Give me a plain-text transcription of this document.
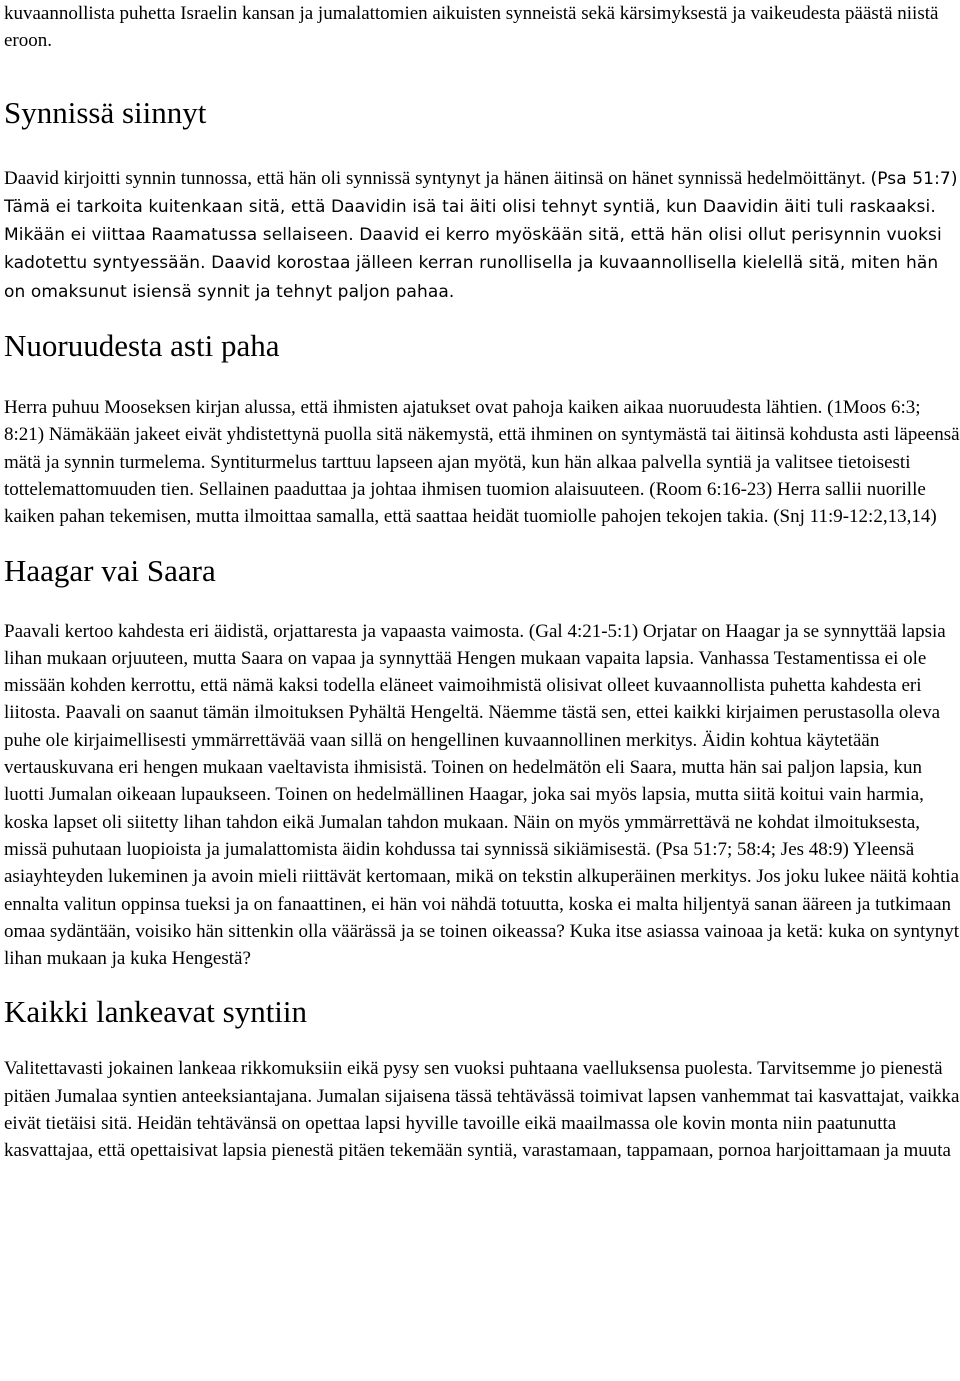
kuvaannollista puhetta Israelin kansan ja jumalattomien aikuisten synneistä sekä kärsimyksestä ja vaikeudesta päästä niistä eroon.

Synnissä siinnyt

Daavid kirjoitti synnin tunnossa, että hän oli synnissä syntynyt ja hänen äitinsä on hänet synnissä hedelmöittänyt. (Psa 51:7) Tämä ei tarkoita kuitenkaan sitä, että Daavidin isä tai äiti olisi tehnyt syntiä, kun Daavidin äiti tuli raskaaksi. Mikään ei viittaa Raamatussa sellaiseen. Daavid ei kerro myöskään sitä, että hän olisi ollut perisynnin vuoksi kadotettu syntyessään. Daavid korostaa jälleen kerran runollisella ja kuvaannollisella kielellä sitä, miten hän on omaksunut isiensä synnit ja tehnyt paljon pahaa.

Nuoruudesta asti paha

Herra puhuu Mooseksen kirjan alussa, että ihmisten ajatukset ovat pahoja kaiken aikaa nuoruudesta lähtien. (1Moos 6:3; 8:21) Nämäkään jakeet eivät yhdistettynä puolla sitä näkemystä, että ihminen on syntymästä tai äitinsä kohdusta asti läpeensä mätä ja synnin turmelema. Syntiturmelus tarttuu lapseen ajan myötä, kun hän alkaa palvella syntiä ja valitsee tietoisesti tottelemattomuuden tien. Sellainen paaduttaa ja johtaa ihmisen tuomion alaisuuteen. (Room 6:16-23) Herra sallii nuorille kaiken pahan tekemisen, mutta ilmoittaa samalla, että saattaa heidät tuomiolle pahojen tekojen takia. (Snj 11:9-12:2,13,14)

Haagar vai Saara

Paavali kertoo kahdesta eri äidistä, orjattaresta ja vapaasta vaimosta. (Gal 4:21-5:1) Orjatar on Haagar ja se synnyttää lapsia lihan mukaan orjuuteen, mutta Saara on vapaa ja synnyttää Hengen mukaan vapaita lapsia. Vanhassa Testamentissa ei ole missään kohden kerrottu, että nämä kaksi todella eläneet vaimoihmistä olisivat olleet kuvaannollista puhetta kahdesta eri liitosta. Paavali on saanut tämän ilmoituksen Pyhältä Hengeltä. Näemme tästä sen, ettei kaikki kirjaimen perustasolla oleva puhe ole kirjaimellisesti ymmärrettävää vaan sillä on hengellinen kuvaannollinen merkitys. Äidin kohtua käytetään vertauskuvana eri hengen mukaan vaeltavista ihmisistä. Toinen on hedelmätön eli Saara, mutta hän sai paljon lapsia, kun luotti Jumalan oikeaan lupaukseen. Toinen on hedelmällinen Haagar, joka sai myös lapsia, mutta siitä koitui vain harmia, koska lapset oli siitetty lihan tahdon eikä Jumalan tahdon mukaan. Näin on myös ymmärrettävä ne kohdat ilmoituksesta, missä puhutaan luopioista ja jumalattomista äidin kohdussa tai synnissä sikiämisestä. (Psa 51:7; 58:4; Jes 48:9) Yleensä asiayhteyden lukeminen ja avoin mieli riittävät kertomaan, mikä on tekstin alkuperäinen merkitys. Jos joku lukee näitä kohtia ennalta valitun oppinsa tueksi ja on fanaattinen, ei hän voi nähdä totuutta, koska ei malta hiljentyä sanan ääreen ja tutkimaan omaa sydäntään, voisiko hän sittenkin olla väärässä ja se toinen oikeassa? Kuka itse asiassa vainoaa ja ketä: kuka on syntynyt lihan mukaan ja kuka Hengestä?

Kaikki lankeavat syntiin

Valitettavasti jokainen lankeaa rikkomuksiin eikä pysy sen vuoksi puhtaana vaelluksensa puolesta. Tarvitsemme jo pienestä pitäen Jumalaa syntien anteeksiantajana. Jumalan sijaisena tässä tehtävässä toimivat lapsen vanhemmat tai kasvattajat, vaikka eivät tietäisi sitä. Heidän tehtävänsä on opettaa lapsi hyville tavoille eikä maailmassa ole kovin monta niin paatunutta kasvattajaa, että opettaisivat lapsia pienestä pitäen tekemään syntiä, varastamaan, tappamaan, pornoa harjoittamaan ja muuta
